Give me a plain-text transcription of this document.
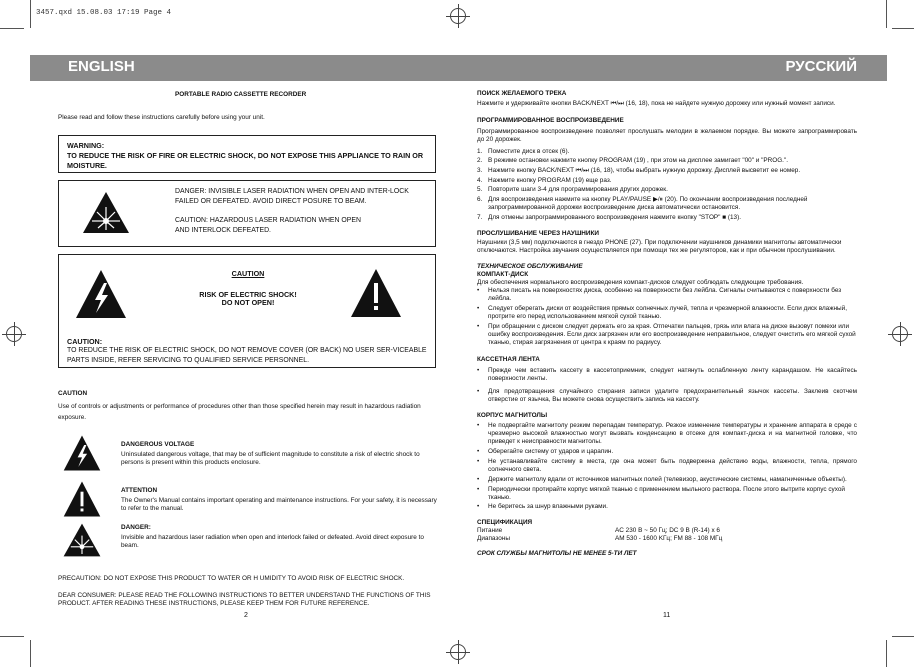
3457.qxd 15.08.03 17:19 Page 4
ENGLISH	РУССКИЙ
PORTABLE RADIO CASSETTE RECORDER
Please read and follow these instructions carefully before using your unit.
WARNING:
TO REDUCE THE RISK OF FIRE OR ELECTRIC SHOCK, DO NOT EXPOSE THIS APPLIANCE TO RAIN OR MOISTURE.
DANGER: INVISIBLE LASER RADIATION WHEN OPEN AND INTER-LOCK FAILED OR DEFEATED. AVOID DIRECT POSURE TO BEAM.
CAUTION: HAZARDOUS LASER RADIATION WHEN OPEN AND INTERLOCK DEFEATED.
CAUTION
RISK OF ELECTRIC SHOCK!
DO NOT OPEN!
CAUTION:
TO REDUCE THE RISK OF ELECTRIC SHOCK, DO NOT REMOVE COVER (OR BACK) NO USER SER-VICEABLE PARTS INSIDE, REFER SERVICING TO QUALIFIED SERVICE PERSONNEL.
CAUTION
Use of controls or adjustments or performance of procedures other than those specified herein may result in hazardous radiation exposure.
DANGEROUS VOLTAGE
Uninsulated dangerous voltage, that may be of sufficient magnitude to constitute a risk of electric shock to persons is present within this products enclosure.
ATTENTION
The Owner's Manual contains important operating and maintenance instructions. For your safety, it is necessary to refer to the manual.
DANGER:
Invisible and hazardous laser radiation when open and interlock failed or defeated. Avoid direct exposure to beam.
PRECAUTION: DO NOT EXPOSE THIS PRODUCT TO WATER OR H UMIDITY TO AVOID RISK OF ELECTRIC SHOCK.
DEAR CONSUMER: PLEASE READ THE FOLLOWING INSTRUCTIONS TO BETTER UNDERSTAND THE FUNCTIONS OF THIS PRODUCT. AFTER READING THESE INSTRUCTIONS, PLEASE KEEP THEM FOR FUTURE REFERENCE.
2
ПОИСК ЖЕЛАЕМОГО ТРЕКА
Нажмите и удерживайте кнопки BACK/NEXT ⏮/⏭ (16, 18), пока не найдете нужную дорожку или нужный момент записи.
ПРОГРАММИРОВАННОЕ ВОСПРОИЗВЕДЕНИЕ
Программированное воспроизведение позволяет прослушать мелодии в желаемом порядке. Вы можете запрограммировать до 20 дорожек.
1. Поместите диск в отсек (6).
2. В режиме остановки нажмите кнопку PROGRAM (19) , при этом на дисплее замигает "00" и "PROG.".
3. Нажмите кнопку BACK/NEXT ⏮/⏭ (16, 18), чтобы выбрать нужную дорожку. Дисплей высветит ее номер.
4. Нажмите кнопку PROGRAM (19) еще раз.
5. Повторите шаги 3-4 для программирования других дорожек.
6. Для воспроизведения нажмите на кнопку PLAY/PAUSE ▶/⏸ (20). По окончании воспроизведения последней запрограммированной дорожки воспроизведение диска автоматически остановится.
7. Для отмены запрограммированного воспроизведения нажмите кнопку "STOP" ■ (13).
ПРОСЛУШИВАНИЕ ЧЕРЕЗ НАУШНИКИ
Наушники (3,5 мм) подключаются в гнездо PHONE (27). При подключении наушников динамики магнитолы автоматически отключаются. Настройка звучания осуществляется при помощи тех же регуляторов, как и при обычном прослушивании.
ТЕХНИЧЕСКОЕ ОБСЛУЖИВАНИЕ
КОМПАКТ-ДИСК
Для обеспечения нормального воспроизведения компакт-дисков следует соблюдать следующие требования.
• Нельзя писать на поверхностях диска, особенно на поверхности без лейбла. Сигналы считываются с поверхности без лейбла.
• Следует оберегать диски от воздействия прямых солнечных лучей, тепла и чрезмерной влажности. Если диск влажный, протрите его перед использованием мягкой сухой тканью.
• При обращении с диском следует держать его за края. Отпечатки пальцев, грязь или влага на диске вызовут помехи или ошибку воспроизведения. Если диск загрязнен или его воспроизведение неправильное, следует очистить его мягкой сухой тканью, стирая загрязнения от центра к краям по радиусу.
КАССЕТНАЯ ЛЕНТА
• Прежде чем вставить кассету в кассетоприемник, следует натянуть ослабленную ленту карандашом. Не касайтесь поверхности ленты.
• Для предотвращения случайного стирания записи удалите предохранительный язычок кассеты. Заклеив скотчем отверстие от язычка, Вы можете снова осуществить запись на кассету.
КОРПУС МАГНИТОЛЫ
• Не подвергайте магнитолу резким перепадам температур. Резкое изменение температуры и хранение аппарата в среде с чрезмерно высокой влажностью могут вызвать конденсацию в отсеке для компакт-диска и на магнитной головке, что приведет к неисправности магнитолы.
• Оберегайте систему от ударов и царапин.
• Не устанавливайте систему в места, где она может быть подвержена действию воды, влажности, тепла, прямого солнечного света.
• Держите магнитолу вдали от источников магнитных полей (телевизор, акустические системы, намагниченные объекты).
• Периодически протирайте корпус мягкой тканью с применением мыльного раствора. После этого вытрите корпус сухой тканью.
• Не беритесь за шнур влажными руками.
СПЕЦИФИКАЦИЯ
Питание	AC 230 В ~ 50 Гц; DC 9 В (R-14) x 6
Диапазоны	AM 530 - 1600 KГц; FM 88 - 108 MГц
СРОК СЛУЖБЫ МАГНИТОЛЫ НЕ МЕНЕЕ 5-ТИ ЛЕТ
11
